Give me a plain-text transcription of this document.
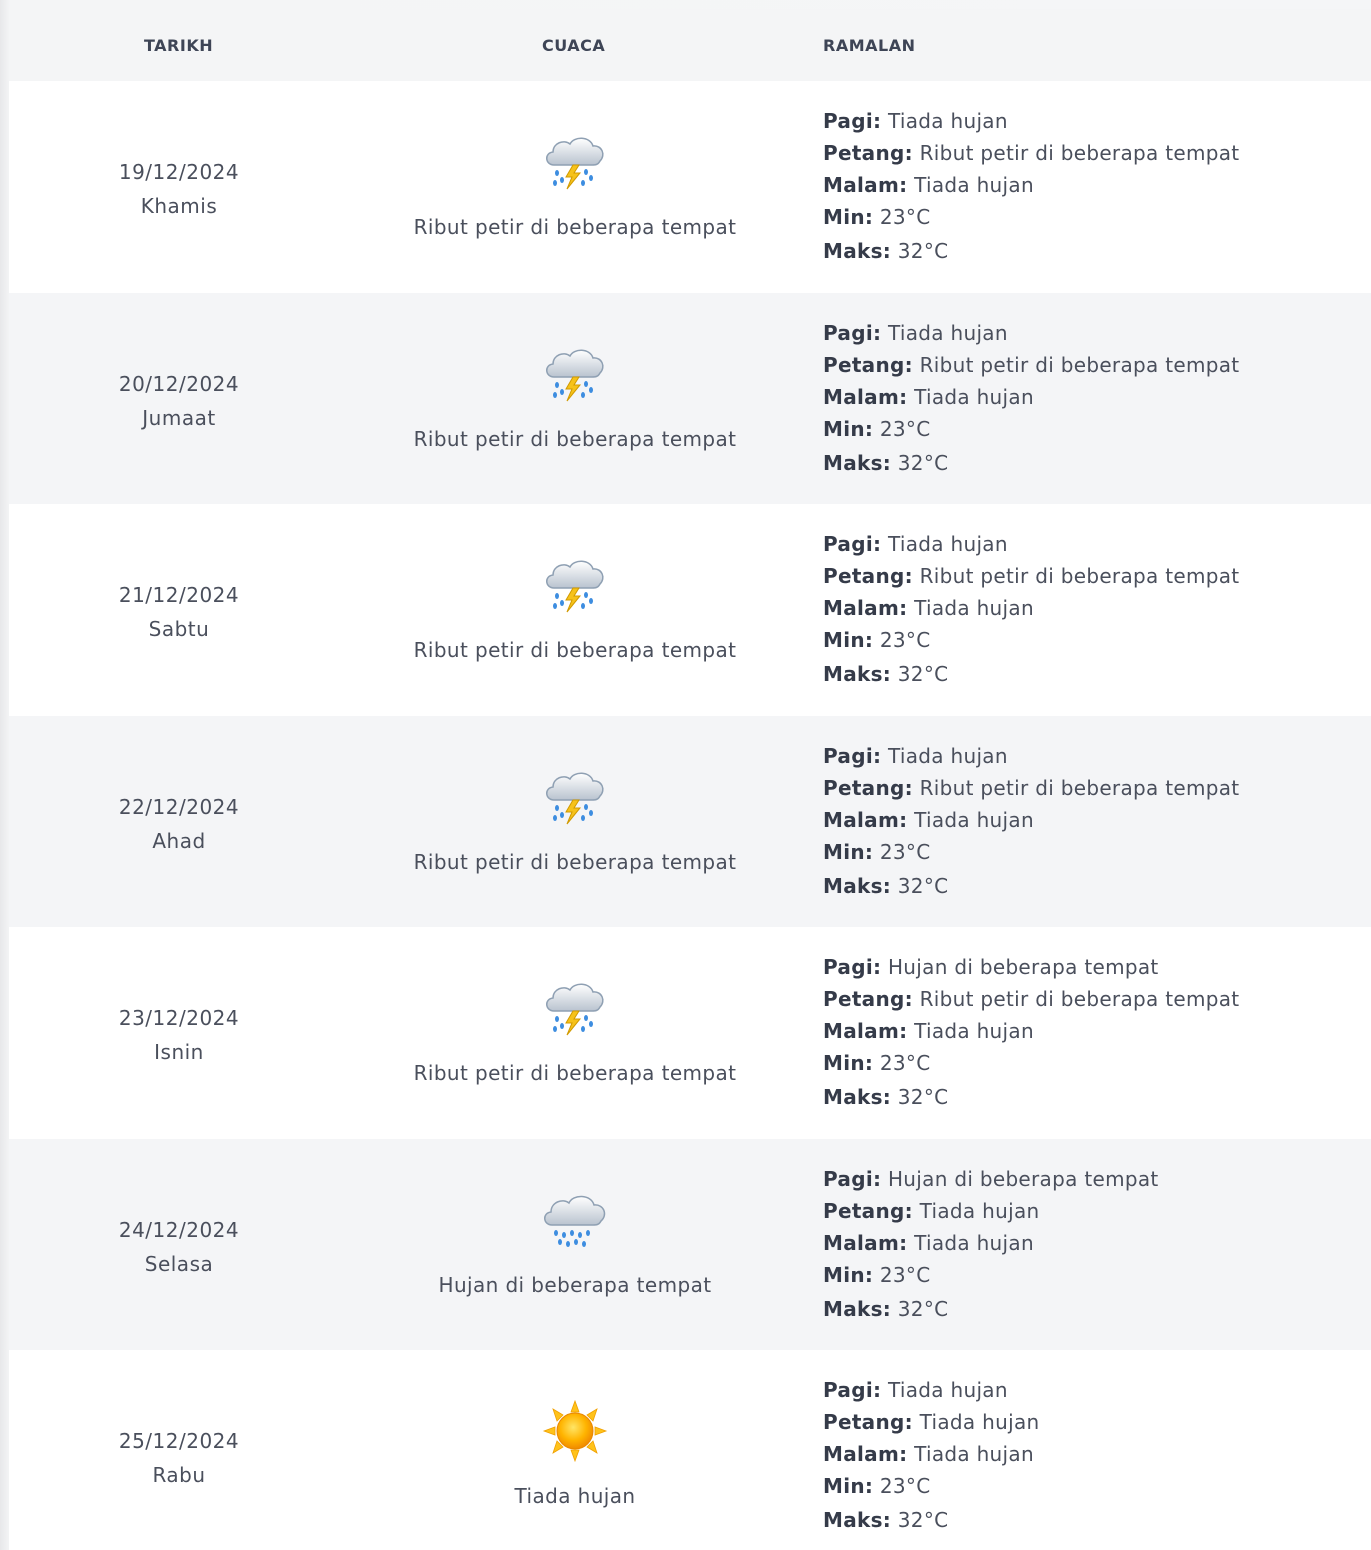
TARIKH	CUACA	RAMALAN
19/12/2024
Khamis
Ribut petir di beberapa tempat
Pagi: Tiada hujan
Petang: Ribut petir di beberapa tempat
Malam: Tiada hujan
Min: 23°C
Maks: 32°C
20/12/2024
Jumaat
Ribut petir di beberapa tempat
Pagi: Tiada hujan
Petang: Ribut petir di beberapa tempat
Malam: Tiada hujan
Min: 23°C
Maks: 32°C
21/12/2024
Sabtu
Ribut petir di beberapa tempat
Pagi: Tiada hujan
Petang: Ribut petir di beberapa tempat
Malam: Tiada hujan
Min: 23°C
Maks: 32°C
22/12/2024
Ahad
Ribut petir di beberapa tempat
Pagi: Tiada hujan
Petang: Ribut petir di beberapa tempat
Malam: Tiada hujan
Min: 23°C
Maks: 32°C
23/12/2024
Isnin
Ribut petir di beberapa tempat
Pagi: Hujan di beberapa tempat
Petang: Ribut petir di beberapa tempat
Malam: Tiada hujan
Min: 23°C
Maks: 32°C
24/12/2024
Selasa
Hujan di beberapa tempat
Pagi: Hujan di beberapa tempat
Petang: Tiada hujan
Malam: Tiada hujan
Min: 23°C
Maks: 32°C
25/12/2024
Rabu
Tiada hujan
Pagi: Tiada hujan
Petang: Tiada hujan
Malam: Tiada hujan
Min: 23°C
Maks: 32°C
